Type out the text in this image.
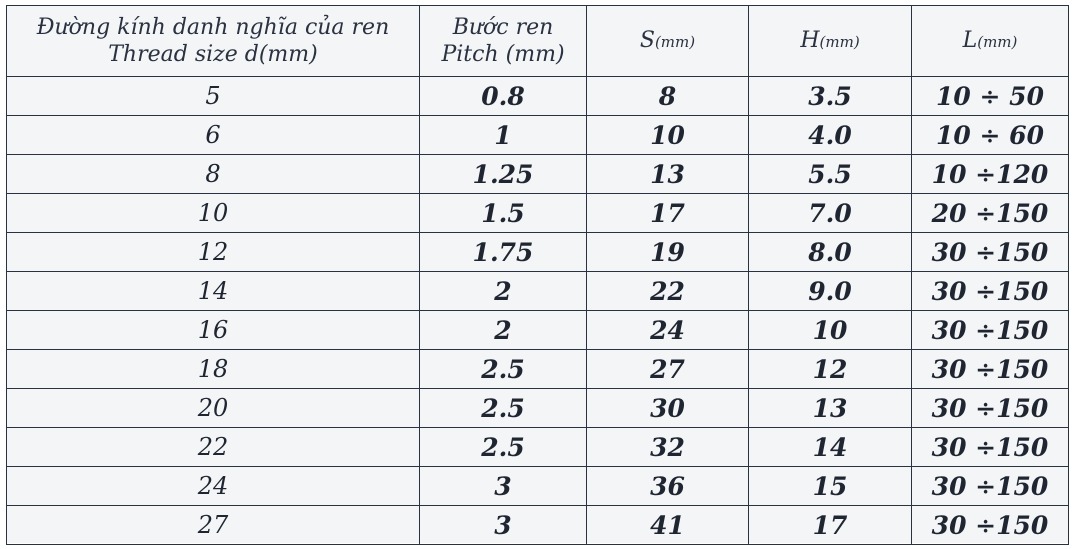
Đường kính danh nghĩa của ren
Thread size d(mm)	Bước ren
Pitch (mm)	S(mm)	H(mm)	L(mm)
5	0.8	8	3.5	10 ÷ 50
6	1	10	4.0	10 ÷ 60
8	1.25	13	5.5	10 ÷120
10	1.5	17	7.0	20 ÷150
12	1.75	19	8.0	30 ÷150
14	2	22	9.0	30 ÷150
16	2	24	10	30 ÷150
18	2.5	27	12	30 ÷150
20	2.5	30	13	30 ÷150
22	2.5	32	14	30 ÷150
24	3	36	15	30 ÷150
27	3	41	17	30 ÷150
